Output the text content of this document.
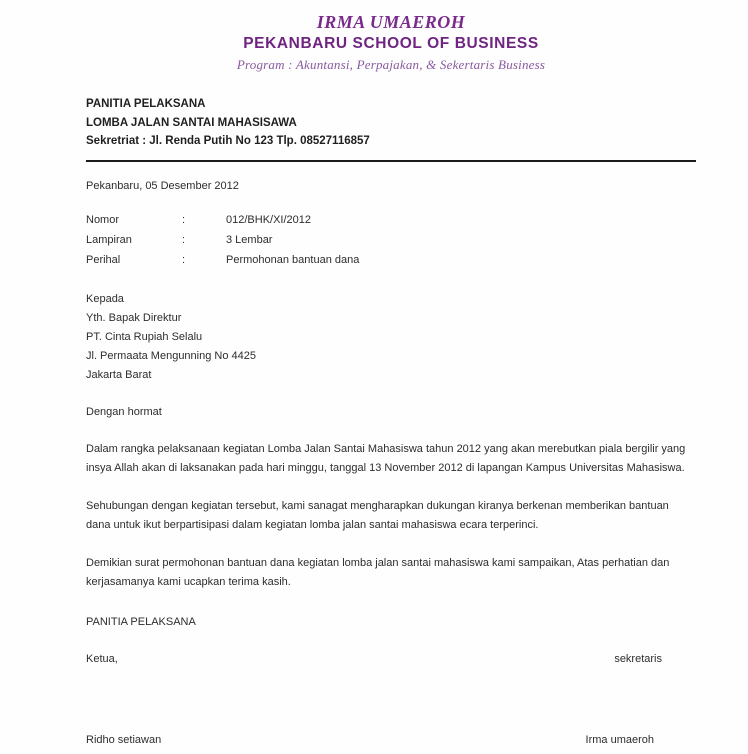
IRMA UMAEROH
PEKANBARU SCHOOL OF BUSINESS
Program : Akuntansi, Perpajakan, & Sekertaris Business
PANITIA PELAKSANA
LOMBA JALAN SANTAI MAHASISAWA
Sekretriat : Jl. Renda Putih No 123 Tlp. 08527116857
Pekanbaru, 05 Desember 2012
Nomor	:	012/BHK/XI/2012
Lampiran	:	3 Lembar
Perihal	:	Permohonan bantuan dana
Kepada
Yth. Bapak Direktur
PT. Cinta Rupiah Selalu
Jl. Permaata Mengunning No 4425
Jakarta Barat
Dengan hormat

Dalam rangka pelaksanaan kegiatan Lomba Jalan Santai Mahasiswa tahun 2012 yang akan merebutkan piala bergilir yang insya Allah akan di laksanakan pada hari minggu, tanggal 13 November 2012 di lapangan Kampus Universitas Mahasiswa.

Sehubungan dengan kegiatan tersebut, kami sanagat mengharapkan dukungan kiranya berkenan memberikan bantuan dana untuk ikut berpartisipasi dalam kegiatan lomba jalan santai mahasiswa ecara terperinci.

Demikian surat permohonan bantuan dana kegiatan lomba jalan santai mahasiswa kami sampaikan, Atas perhatian dan kerjasamanya kami ucapkan terima kasih.

PANITIA PELAKSANA
Ketua,	sekretaris
Ridho setiawan	Irma umaeroh
